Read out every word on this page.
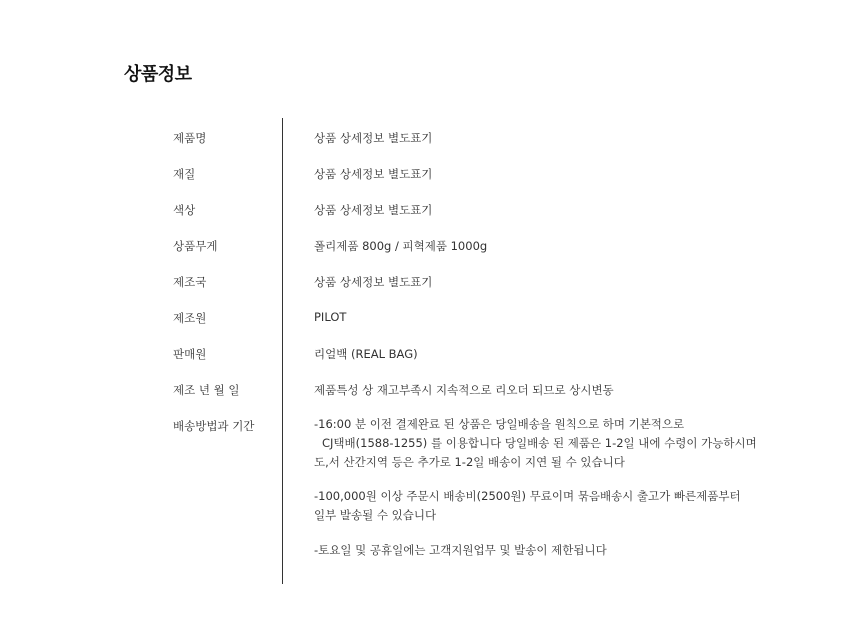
상품정보
제품명	상품 상세정보 별도표기
재질	상품 상세정보 별도표기
색상	상품 상세정보 별도표기
상품무게	폴리제품 800g / 피혁제품 1000g
제조국	상품 상세정보 별도표기
제조원	PILOT
판매원	리얼백 (REAL BAG)
제조 년 월 일	제품특성 상 재고부족시 지속적으로 리오더 되므로 상시변동
배송방법과 기간	-16:00 분 이전 결제완료 된 상품은 당일배송을 원칙으로 하며 기본적으로
CJ택배(1588-1255) 를 이용합니다 당일배송 된 제품은 1-2일 내에 수령이 가능하시며
도,서 산간지역 등은 추가로 1-2일 배송이 지연 될 수 있습니다
-100,000원 이상 주문시 배송비(2500원) 무료이며 묶음배송시 출고가 빠른제품부터
일부 발송될 수 있습니다
-토요일 및 공휴일에는 고객지원업무 및 발송이 제한됩니다
